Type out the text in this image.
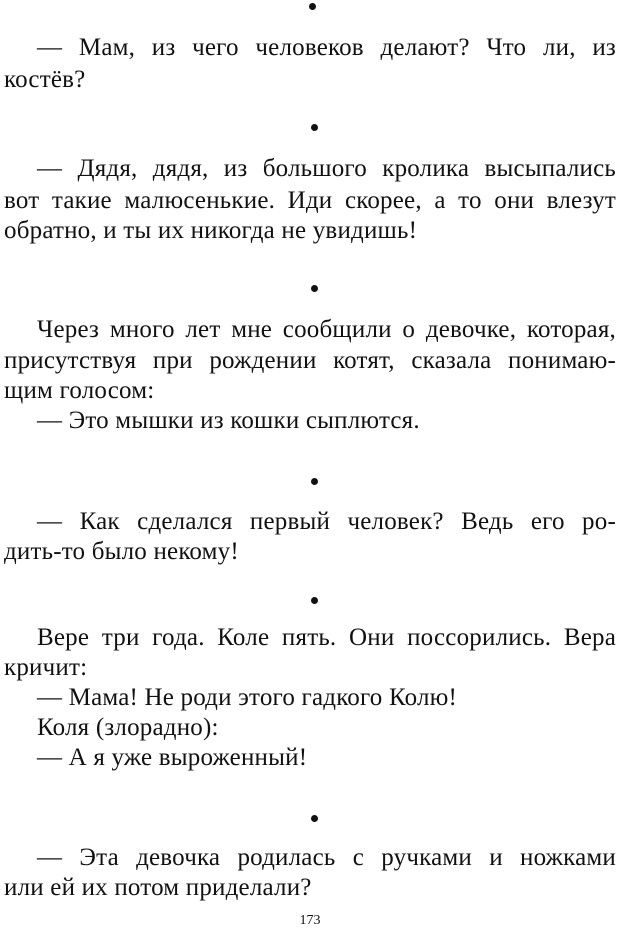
— Мам, из чего человеков делают? Что ли, из
костёв?
— Дядя, дядя, из большого кролика высыпались
вот такие малюсенькие. Иди скорее, а то они влезут
обратно, и ты их никогда не увидишь!
Через много лет мне сообщили о девочке, которая,
присутствуя при рождении котят, сказала понимаю-
щим голосом:
— Это мышки из кошки сыплются.
— Как сделался первый человек? Ведь его ро-
дить-то было некому!
Вере три года. Коле пять. Они поссорились. Вера
кричит:
— Мама! Не роди этого гадкого Колю!
Коля (злорадно):
— А я уже выроженный!
— Эта девочка родилась с ручками и ножками
или ей их потом приделали?
173
